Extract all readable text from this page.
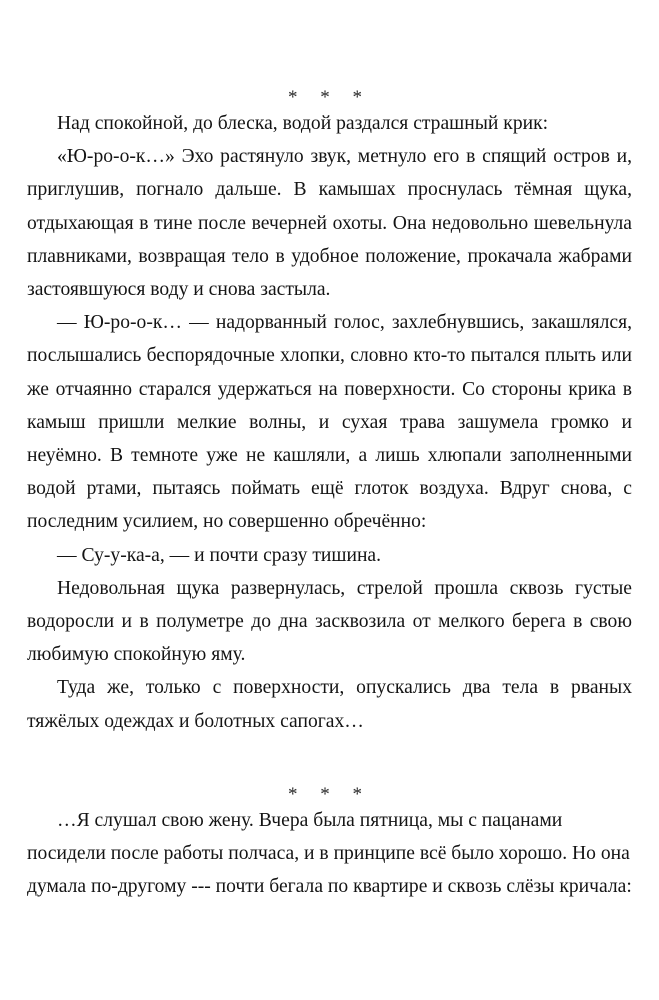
* * *

Над спокойной, до блеска, водой раздался страшный крик:

«Ю-ро-о-к…» Эхо растянуло звук, метнуло его в спящий остров и, приглушив, погнало дальше. В камышах проснулась тёмная щука, отдыхающая в тине после вечерней охоты. Она недовольно шевельнула плавниками, возвращая тело в удобное положение, прокачала жабрами застоявшуюся воду и снова застыла.

— Ю-ро-о-к… — надорванный голос, захлебнувшись, закашлялся, послышались беспорядочные хлопки, словно кто-то пытался плыть или же отчаянно старался удержаться на поверхности. Со стороны крика в камыш пришли мелкие волны, и сухая трава зашумела громко и неуёмно. В темноте уже не кашляли, а лишь хлюпали заполненными водой ртами, пытаясь поймать ещё глоток воздуха. Вдруг снова, с последним усилием, но совершенно обречённо:

— Су-у-ка-а, — и почти сразу тишина.

Недовольная щука развернулась, стрелой прошла сквозь густые водоросли и в полуметре до дна засквозила от мелкого берега в свою любимую спокойную яму.

Туда же, только с поверхности, опускались два тела в рваных тяжёлых одеждах и болотных сапогах…

* * *

…Я слушал свою жену. Вчера была пятница, мы с пацанами посидели после работы полчаса, и в принципе всё было хорошо. Но она думала по-другому --- почти бегала по квартире и сквозь слёзы кричала:
